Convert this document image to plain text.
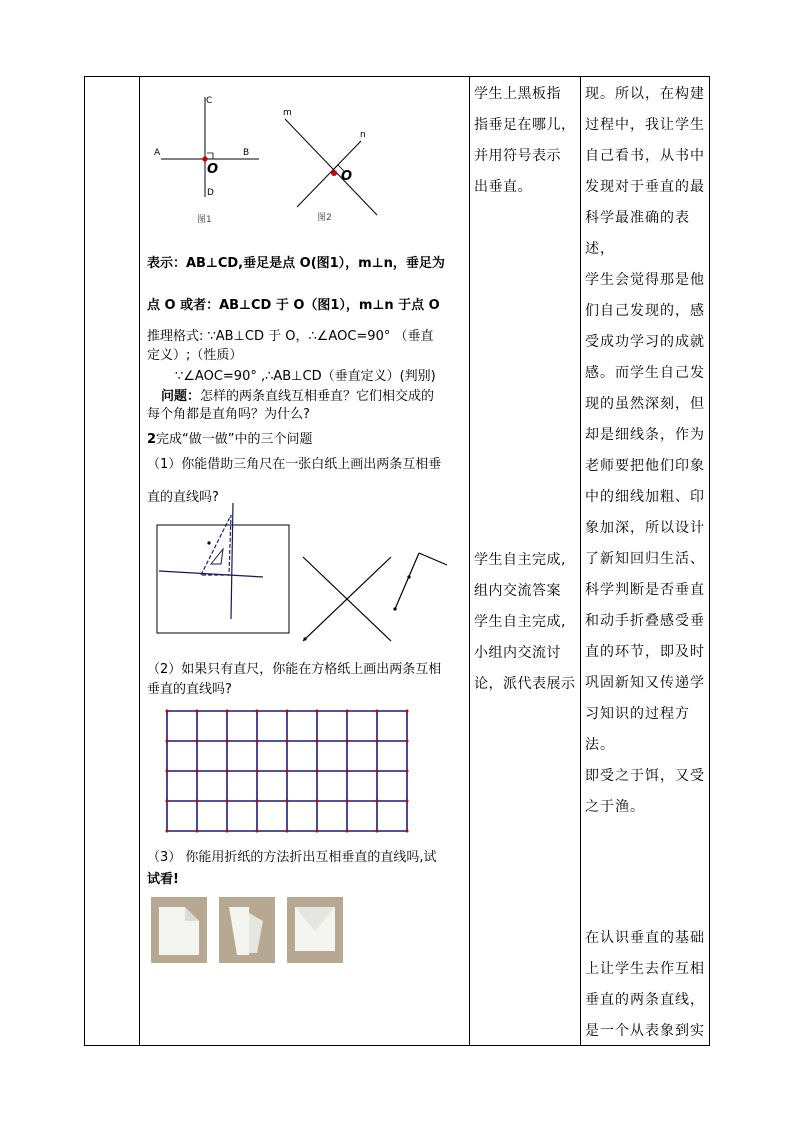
A	B
C
D
O
图1
m
n
O
图2
表示：AB⊥CD,垂足是点 O(图1），m⊥n，垂足为
点 O 或者：AB⊥CD 于 O（图1），m⊥n 于点 O
推理格式: ∵AB⊥CD 于 O，∴∠AOC=90° （垂直
定义）;（性质）
∵∠AOC=90° ,∴AB⊥CD（垂直定义）(判别)
问题：怎样的两条直线互相垂直？它们相交成的
每个角都是直角吗？为什么?
2完成“做一做”中的三个问题
（1）你能借助三角尺在一张白纸上画出两条互相垂
直的直线吗?
（2）如果只有直尺，你能在方格纸上画出两条互相
垂直的直线吗?
（3） 你能用折纸的方法折出互相垂直的直线吗,试
试看!
学生上黑板指
指垂足在哪儿，
并用符号表示
出垂直。
学生自主完成,
组内交流答案
学生自主完成,
小组内交流讨
论，派代表展示
现。所以，在构建
过程中，我让学生
自己看书，从书中
发现对于垂直的最
科学最准确的表述，
学生会觉得那是他
们自己发现的，感
受成功学习的成就
感。而学生自己发
现的虽然深刻，但
却是细线条，作为
老师要把他们印象
中的细线加粗、印
象加深，所以设计
了新知回归生活、
科学判断是否垂直
和动手折叠感受垂
直的环节，即及时
巩固新知又传递学
习知识的过程方法。
即受之于饵，又受
之于渔。
在认识垂直的基础
上让学生去作互相
垂直的两条直线，
是一个从表象到实
